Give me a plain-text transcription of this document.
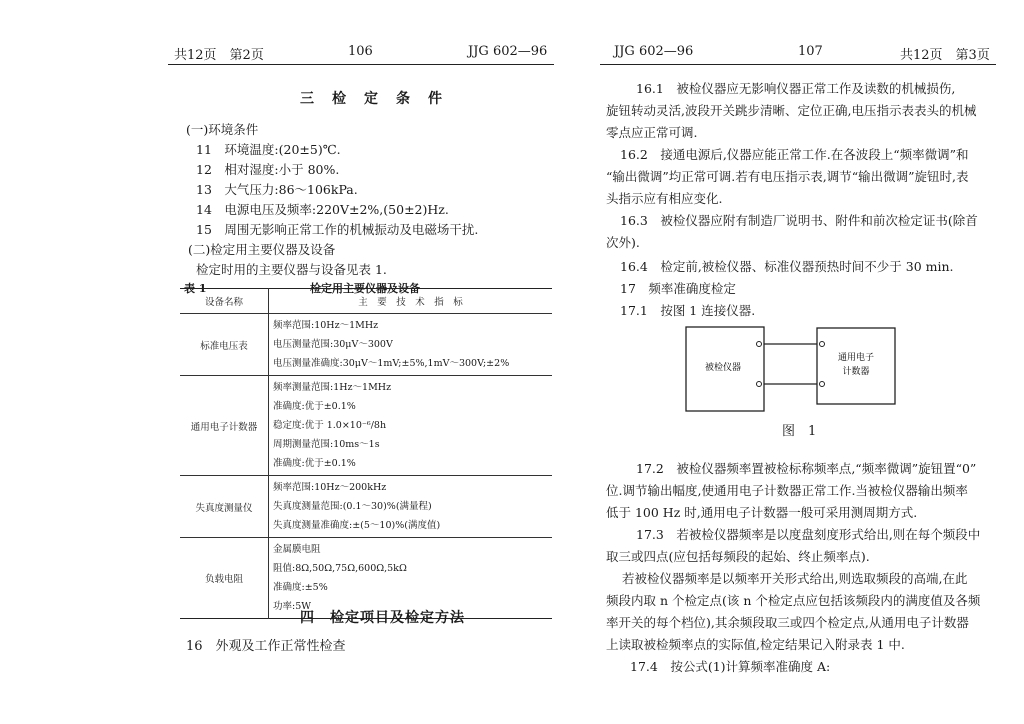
共12页　第2页	106	JJG 602—96
三　检　定　条　件
(一)环境条件
11　环境温度:(20±5)℃.
12　相对湿度:小于 80%.
13　大气压力:86～106kPa.
14　电源电压及频率:220V±2%,(50±2)Hz.
15　周围无影响正常工作的机械振动及电磁场干扰.
(二)检定用主要仪器及设备
检定时用的主要仪器与设备见表 1.
表 1	检定用主要仪器及设备
设备名称	主　要　技　术　指　标
标准电压表	频率范围:10Hz～1MHz
电压测量范围:30μV～300V
电压测量准确度:30μV～1mV;±5%,1mV～300V;±2%

通用电子计数器	频率测量范围:1Hz～1MHz
准确度:优于±0.1%
稳定度:优于 1.0×10⁻⁶/8h
周期测量范围:10ms～1s
准确度:优于±0.1%

失真度测量仪	频率范围:10Hz～200kHz
失真度测量范围:(0.1～30)%(满量程)
失真度测量准确度:±(5～10)%(满度值)

负载电阻	金属膜电阻
阻值:8Ω,50Ω,75Ω,600Ω,5kΩ
准确度:±5%
功率:5W
四　检定项目及检定方法
16　外观及工作正常性检查
JJG 602—96	107	共12页　第3页
16.1　被检仪器应无影响仪器正常工作及读数的机械损伤,
旋钮转动灵活,波段开关跳步清晰、定位正确,电压指示表表头的机械
零点应正常可调.
16.2　接通电源后,仪器应能正常工作.在各波段上“频率微调”和
“输出微调”均正常可调.若有电压指示表,调节“输出微调”旋钮时,表
头指示应有相应变化.
16.3　被检仪器应附有制造厂说明书、附件和前次检定证书(除首
次外).
16.4　检定前,被检仪器、标准仪器预热时间不少于 30 min.
17　频率准确度检定
17.1　按图 1 连接仪器.
被检仪器
通用电子
计数器
图　1
17.2　被检仪器频率置被检标称频率点,“频率微调”旋钮置“0”
位.调节输出幅度,使通用电子计数器正常工作.当被检仪器输出频率
低于 100 Hz 时,通用电子计数器一般可采用测周期方式.
17.3　若被检仪器频率是以度盘刻度形式给出,则在每个频段中
取三或四点(应包括每频段的起始、终止频率点).
若被检仪器频率是以频率开关形式给出,则选取频段的高端,在此
频段内取 n 个检定点(该 n 个检定点应包括该频段内的满度值及各频
率开关的每个档位),其余频段取三或四个检定点,从通用电子计数器
上读取被检频率点的实际值,检定结果记入附录表 1 中.
17.4　按公式(1)计算频率准确度 A:
